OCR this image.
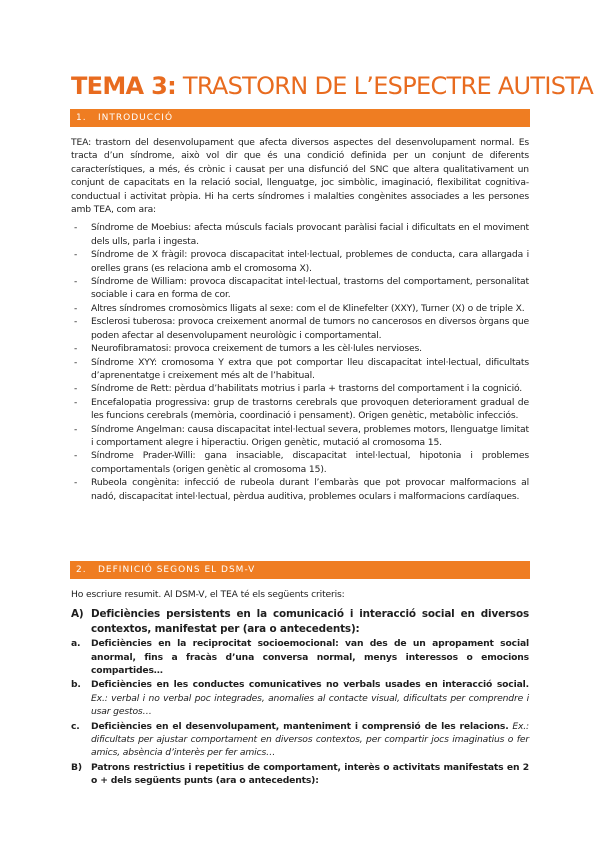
TEMA 3: TRASTORN DE L’ESPECTRE AUTISTA
1. INTRODUCCIÓ

TEA: trastorn del desenvolupament que afecta diversos aspectes del desenvolupament normal. Es tracta d’un síndrome, això vol dir que és una condició definida per un conjunt de diferents característiques, a més, és crònic i causat per una disfunció del SNC que altera qualitativament un conjunt de capacitats en la relació social, llenguatge, joc simbòlic, imaginació, flexibilitat cognitiva-conductual i activitat pròpia. Hi ha certs síndromes i malalties congènites associades a les persones amb TEA, com ara:

- Síndrome de Moebius: afecta músculs facials provocant paràlisi facial i dificultats en el moviment dels ulls, parla i ingesta.
- Síndrome de X fràgil: provoca discapacitat intel·lectual, problemes de conducta, cara allargada i orelles grans (es relaciona amb el cromosoma X).
- Síndrome de William: provoca discapacitat intel·lectual, trastorns del comportament, personalitat sociable i cara en forma de cor.
- Altres síndromes cromosòmics lligats al sexe: com el de Klinefelter (XXY), Turner (X) o de triple X.
- Esclerosi tuberosa: provoca creixement anormal de tumors no cancerosos en diversos òrgans que poden afectar al desenvolupament neurològic i comportamental.
- Neurofibramatosi: provoca creixement de tumors a les cèl·lules nervioses.
- Síndrome XYY: cromosoma Y extra que pot comportar lleu discapacitat intel·lectual, dificultats d’aprenentatge i creixement més alt de l’habitual.
- Síndrome de Rett: pèrdua d’habilitats motrius i parla + trastorns del comportament i la cognició.
- Encefalopatia progressiva: grup de trastorns cerebrals que provoquen deteriorament gradual de les funcions cerebrals (memòria, coordinació i pensament). Origen genètic, metabòlic infecciós.
- Síndrome Angelman: causa discapacitat intel·lectual severa, problemes motors, llenguatge limitat i comportament alegre i hiperactiu. Origen genètic, mutació al cromosoma 15.
- Síndrome Prader-Willi: gana insaciable, discapacitat intel·lectual, hipotonia i problemes comportamentals (origen genètic al cromosoma 15).
- Rubeola congènita: infecció de rubeola durant l’embaràs que pot provocar malformacions al nadó, discapacitat intel·lectual, pèrdua auditiva, problemes oculars i malformacions cardíaques.
2. DEFINICIÓ SEGONS EL DSM-V

Ho escriure resumit. Al DSM-V, el TEA té els següents criteris:

A) Deficiències persistents en la comunicació i interacció social en diversos contextos, manifestat per (ara o antecedents):
a. Deficiències en la reciprocitat socioemocional: van des de un apropament social anormal, fins a fracàs d’una conversa normal, menys interessos o emocions compartides…
b. Deficiències en les conductes comunicatives no verbals usades en interacció social. Ex.: verbal i no verbal poc integrades, anomalies al contacte visual, dificultats per comprendre i usar gestos…
c. Deficiències en el desenvolupament, manteniment i comprensió de les relacions. Ex.: dificultats per ajustar comportament en diversos contextos, per compartir jocs imaginatius o fer amics, absència d’interès per fer amics…
B) Patrons restrictius i repetitius de comportament, interès o activitats manifestats en 2 o + dels següents punts (ara o antecedents):
